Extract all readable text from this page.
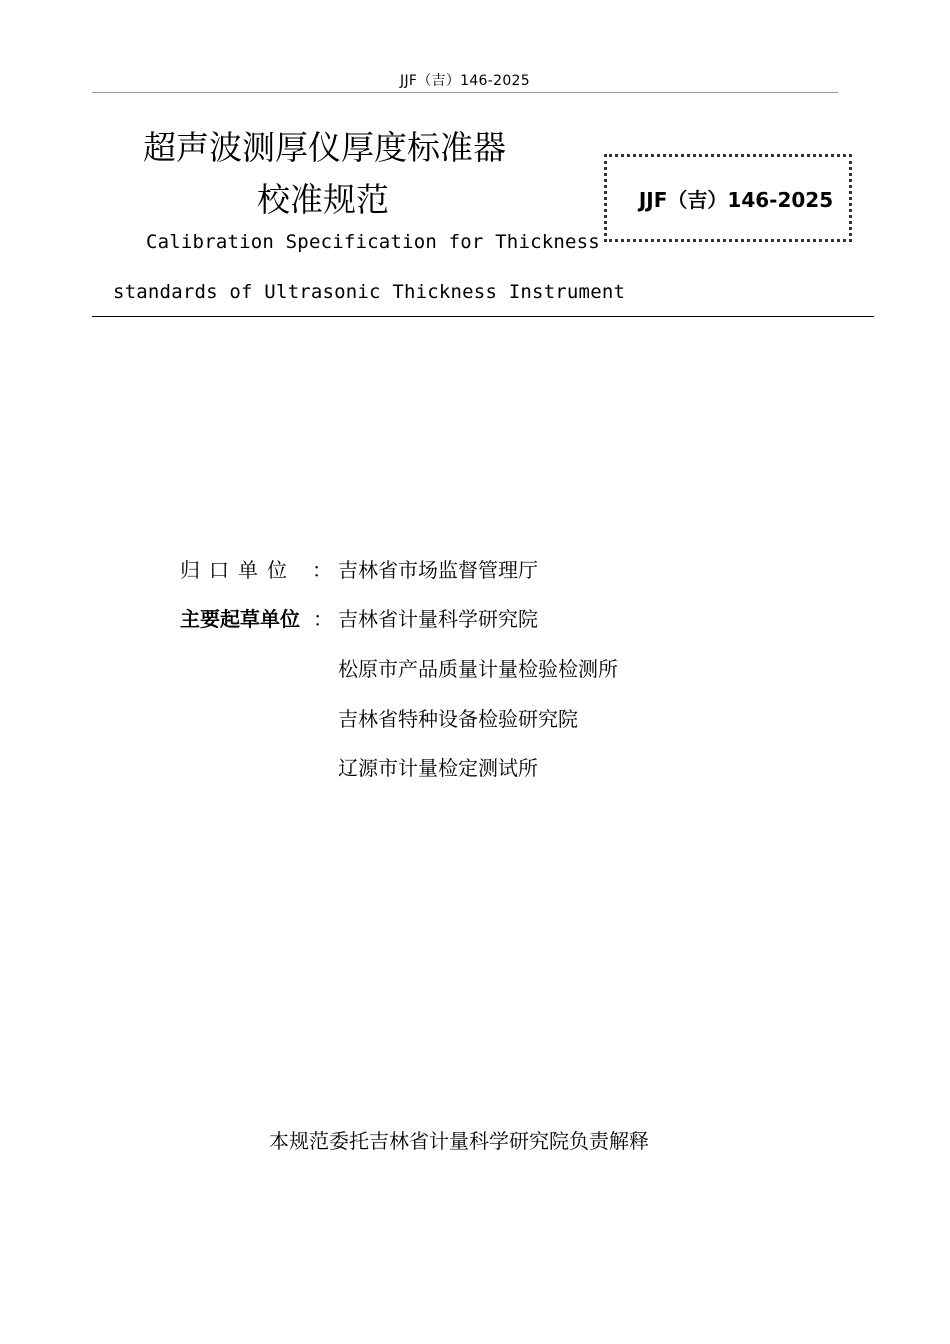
JJF（吉）146-2025
超声波测厚仪厚度标准器
校准规范
Calibration Specification for Thickness
standards of Ultrasonic Thickness Instrument
JJF（吉）146-2025
归口单位 ： 吉林省市场监督管理厅
主要起草单位 ： 吉林省计量科学研究院
松原市产品质量计量检验检测所
吉林省特种设备检验研究院
辽源市计量检定测试所
本规范委托吉林省计量科学研究院负责解释
